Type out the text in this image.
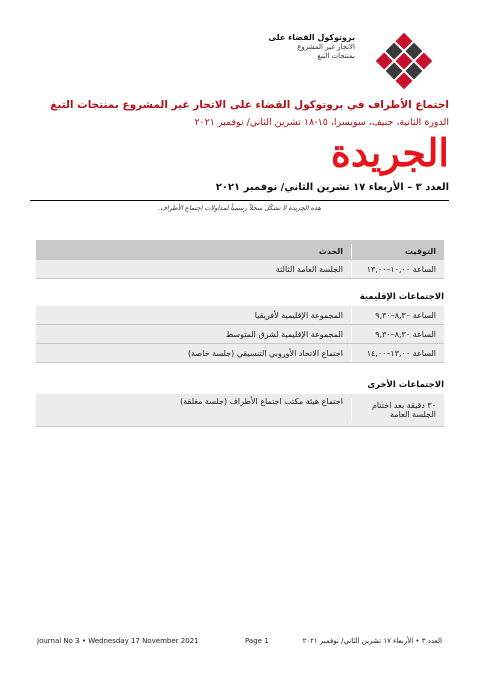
بروتوكول القضاء على
الاتجار غير المشروع
بمنتجات التبغ
اجتماع الأطراف في بروتوكول القضاء على الاتجار غير المشروع بمنتجات التبغ
الدورة الثانية، جنيف، سويسرا، ١٥-١٨ تشرين الثاني/ نوفمبر ٢٠٢١
الجريدة
العدد ٣ – الأربعاء ١٧ تشرين الثاني/ نوفمبر ٢٠٢١
هذه الجريدة لا تشكّل سجلاً رسمياً لمداولات اجتماع الأطراف.
التوقيت
الحدث
الساعة ١٠,٠٠–١٣,٠٠
الجلسة العامة الثالثة
الاجتماعات الإقليمية
الساعة ٨,٣٠–٩,٣٠
المجموعة الإقليمية لأفريقيا
الساعة ٨,٣٠–٩,٣٠
المجموعة الإقليمية لشرق المتوسط
الساعة ١٣,٠٠–١٤,٠٠
اجتماع الاتحاد الأوروبي التنسيقي (جلسة خاصة)
الاجتماعات الأخرى
٣٠ دقيقة بعد اختتام الجلسة العامة
اجتماع هيئة مكتب اجتماع الأطراف (جلسة مغلقة)
Journal No 3 • Wednesday 17 November 2021	Page 1	العدد ٣ • الأربعاء ١٧ تشرين الثاني/ نوفمبر ٢٠٢١
